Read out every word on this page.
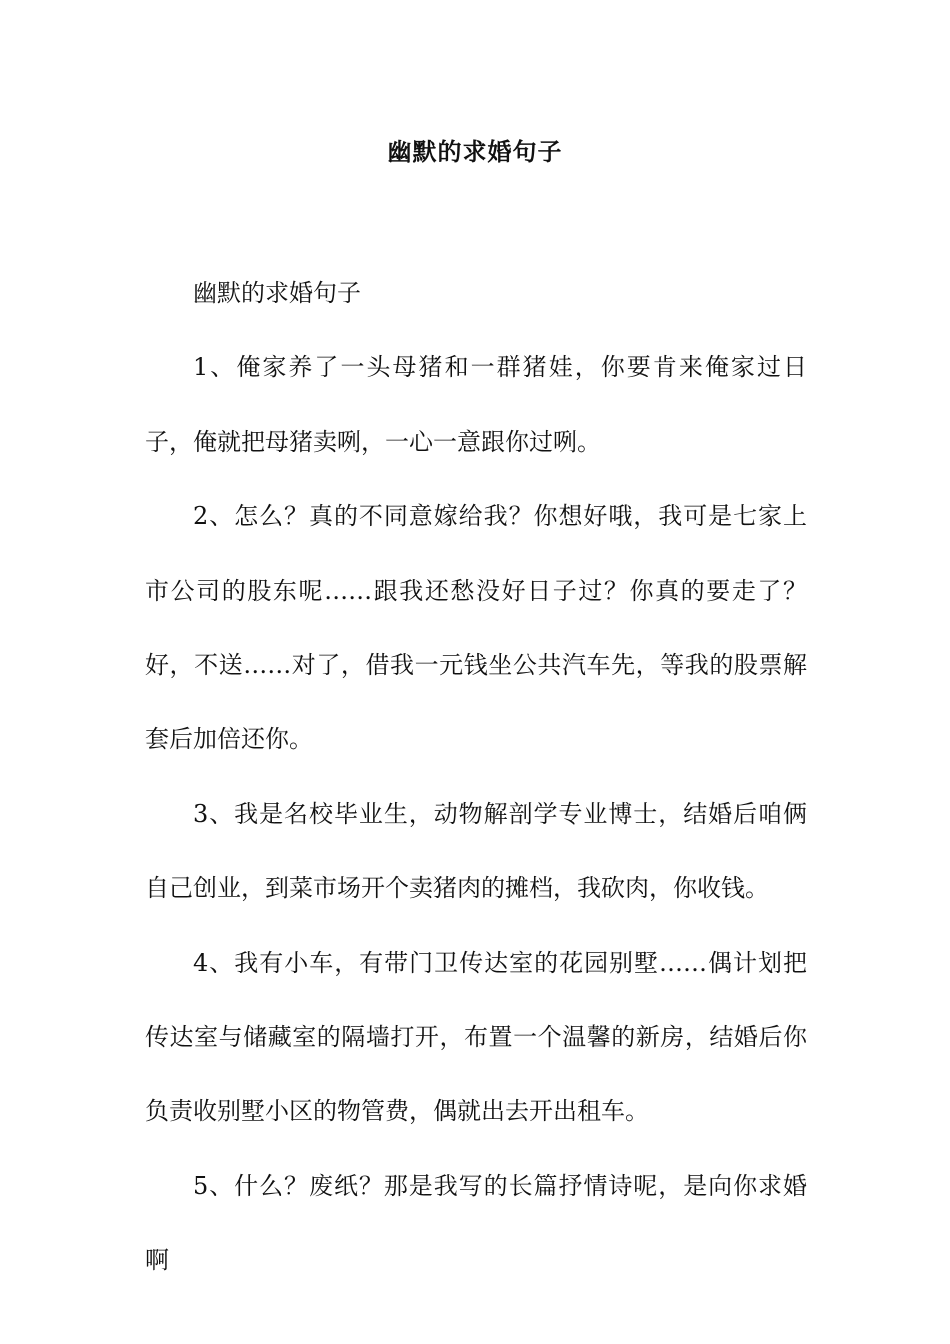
幽默的求婚句子

幽默的求婚句子

1、俺家养了一头母猪和一群猪娃，你要肯来俺家过日子，俺就把母猪卖咧，一心一意跟你过咧。

2、怎么？真的不同意嫁给我？你想好哦，我可是七家上市公司的股东呢……跟我还愁没好日子过？你真的要走了？好，不送……对了，借我一元钱坐公共汽车先，等我的股票解套后加倍还你。

3、我是名校毕业生，动物解剖学专业博士，结婚后咱俩自己创业，到菜市场开个卖猪肉的摊档，我砍肉，你收钱。

4、我有小车，有带门卫传达室的花园别墅……偶计划把传达室与储藏室的隔墙打开，布置一个温馨的新房，结婚后你负责收别墅小区的物管费，偶就出去开出租车。

5、什么？废纸？那是我写的长篇抒情诗呢，是向你求婚啊
